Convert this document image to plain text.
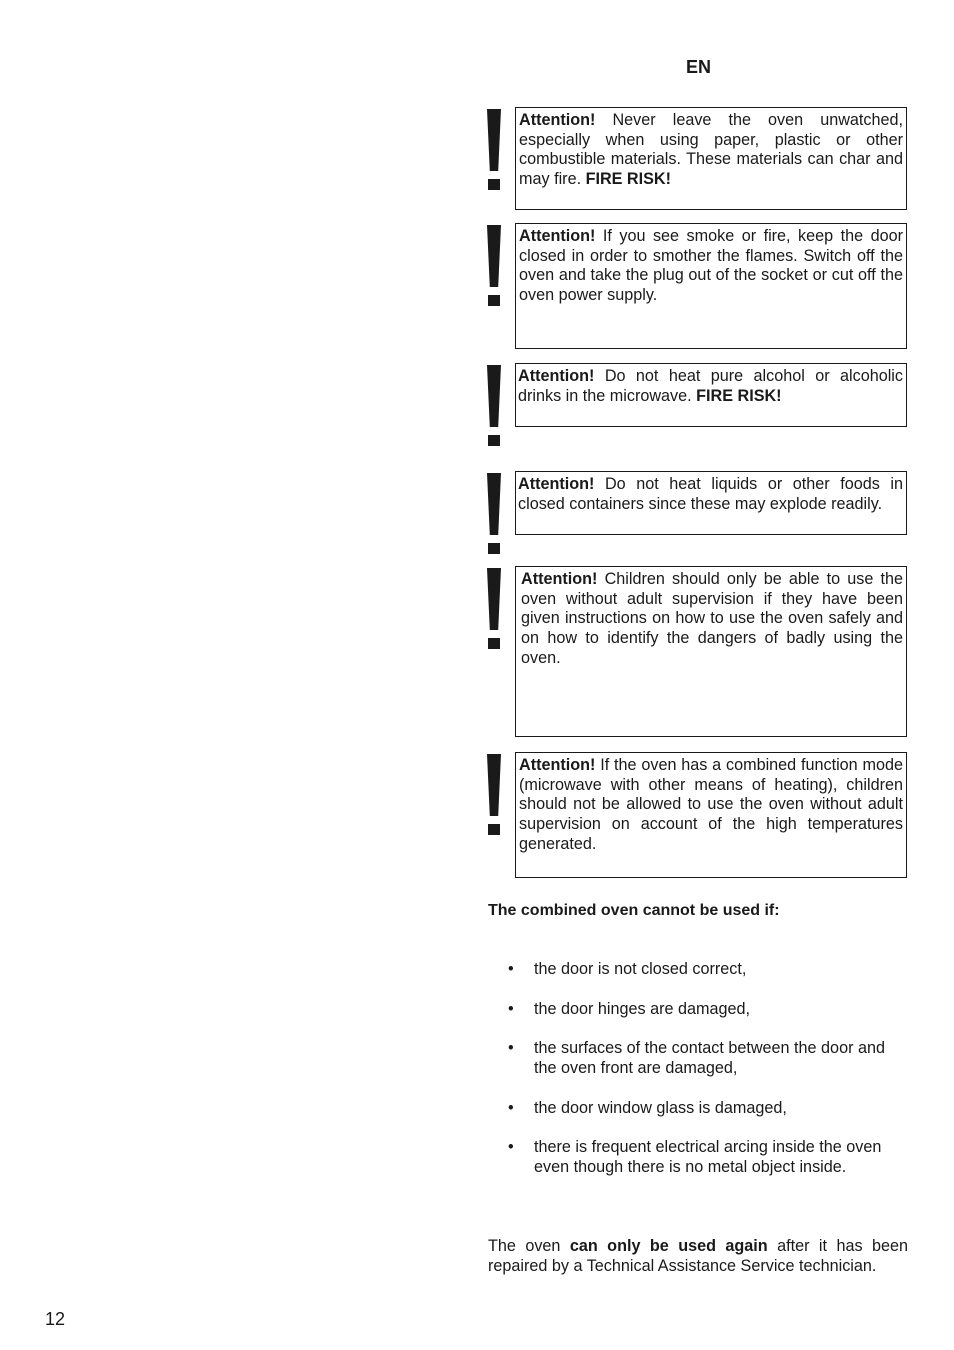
EN
Attention! Never leave the oven unwatched, especially when using paper, plastic or other combustible materials. These materials can char and may fire. FIRE RISK!
Attention! If you see smoke or fire, keep the door closed in order to smother the flames. Switch off the oven and take the plug out of the socket or cut off the oven power supply.
Attention! Do not heat pure alcohol or alcoholic drinks in the microwave. FIRE RISK!
Attention! Do not heat liquids or other foods in closed containers since these may explode readily.
Attention! Children should only be able to use the oven without adult supervision if they have been given instructions on how to use the oven safely and on how to identify the dangers of badly using the oven.
Attention! If the oven has a combined function mode (microwave with other means of heating), children should not be allowed to use the oven without adult supervision on account of the high temperatures generated.
The combined oven cannot be used if:
• the door is not closed correct,
• the door hinges are damaged,
• the surfaces of the contact between the door and the oven front are damaged,
• the door window glass is damaged,
• there is frequent electrical arcing inside the oven even though there is no metal object inside.
The oven can only be used again after it has been repaired by a Technical Assistance Service technician.
12
